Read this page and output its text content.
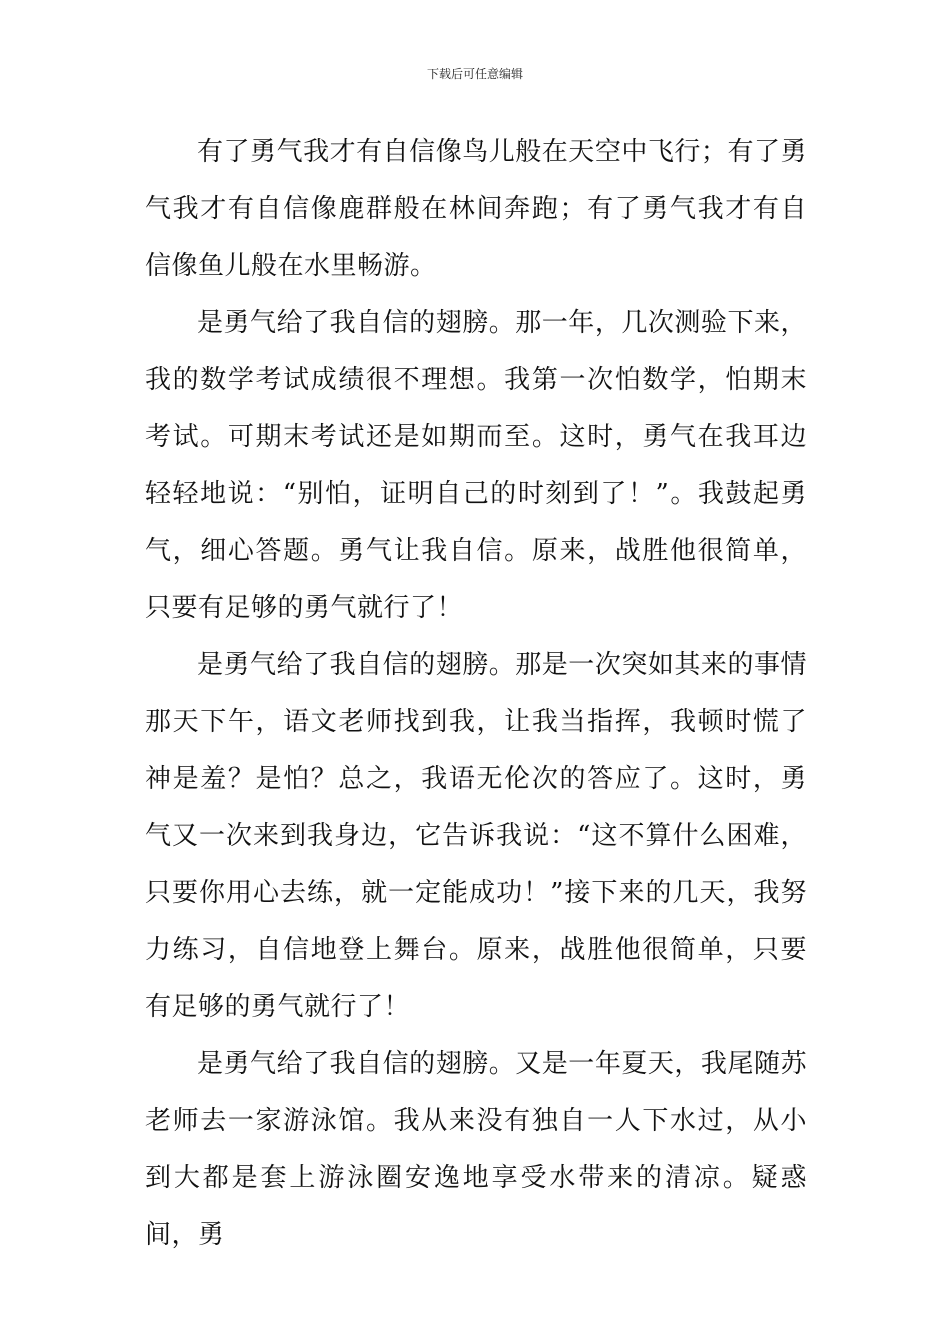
下载后可任意编辑

有了勇气我才有自信像鸟儿般在天空中飞行；有了勇气我才有自信像鹿群般在林间奔跑；有了勇气我才有自信像鱼儿般在水里畅游。

是勇气给了我自信的翅膀。那一年，几次测验下来，我的数学考试成绩很不理想。我第一次怕数学，怕期末考试。可期末考试还是如期而至。这时，勇气在我耳边轻轻地说：“别怕，证明自己的时刻到了！”。我鼓起勇气，细心答题。勇气让我自信。原来，战胜他很简单，只要有足够的勇气就行了！

是勇气给了我自信的翅膀。那是一次突如其来的事情那天下午，语文老师找到我，让我当指挥，我顿时慌了神是羞？是怕？总之，我语无伦次的答应了。这时，勇气又一次来到我身边，它告诉我说：“这不算什么困难，只要你用心去练，就一定能成功！”接下来的几天，我努力练习，自信地登上舞台。原来，战胜他很简单，只要有足够的勇气就行了！

是勇气给了我自信的翅膀。又是一年夏天，我尾随苏老师去一家游泳馆。我从来没有独自一人下水过，从小到大都是套上游泳圈安逸地享受水带来的清凉。疑惑间，勇
